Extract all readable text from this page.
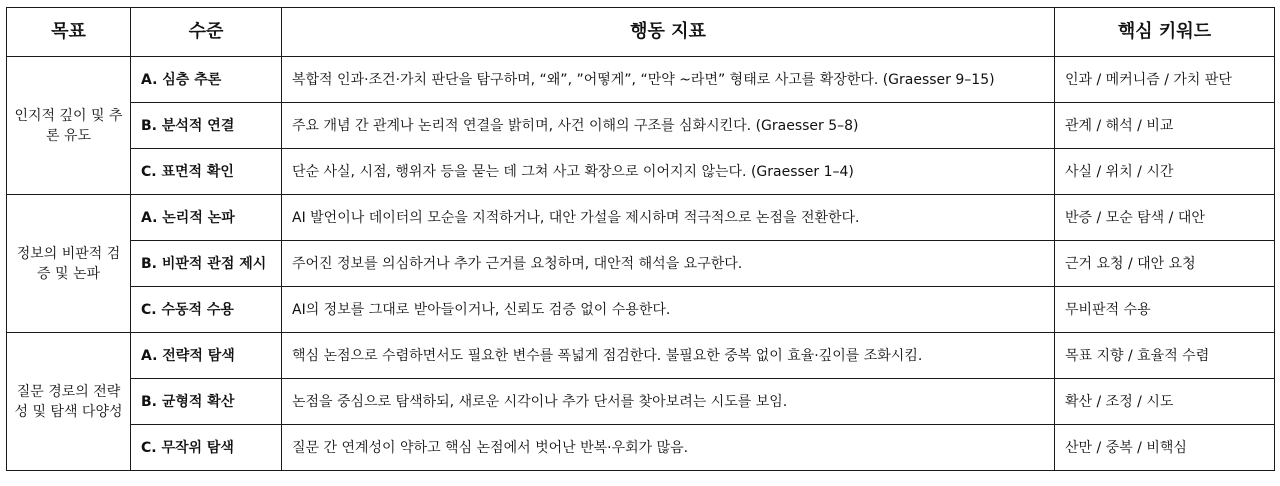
목표	수준	행동 지표	핵심 키워드
인지적 깊이 및 추론 유도	A. 심층 추론	복합적 인과·조건·가치 판단을 탐구하며, “왜”, ”어떻게”, “만약 ~라면” 형태로 사고를 확장한다. (Graesser 9–15)	인과 / 메커니즘 / 가치 판단
	B. 분석적 연결	주요 개념 간 관계나 논리적 연결을 밝히며, 사건 이해의 구조를 심화시킨다. (Graesser 5–8)	관계 / 해석 / 비교
	C. 표면적 확인	단순 사실, 시점, 행위자 등을 묻는 데 그쳐 사고 확장으로 이어지지 않는다. (Graesser 1–4)	사실 / 위치 / 시간
정보의 비판적 검증 및 논파	A. 논리적 논파	AI 발언이나 데이터의 모순을 지적하거나, 대안 가설을 제시하며 적극적으로 논점을 전환한다.	반증 / 모순 탐색 / 대안
	B. 비판적 관점 제시	주어진 정보를 의심하거나 추가 근거를 요청하며, 대안적 해석을 요구한다.	근거 요청 / 대안 요청
	C. 수동적 수용	AI의 정보를 그대로 받아들이거나, 신뢰도 검증 없이 수용한다.	무비판적 수용
질문 경로의 전략성 및 탐색 다양성	A. 전략적 탐색	핵심 논점으로 수렴하면서도 필요한 변수를 폭넓게 점검한다. 불필요한 중복 없이 효율·깊이를 조화시킴.	목표 지향 / 효율적 수렴
	B. 균형적 확산	논점을 중심으로 탐색하되, 새로운 시각이나 추가 단서를 찾아보려는 시도를 보임.	확산 / 조정 / 시도
	C. 무작위 탐색	질문 간 연계성이 약하고 핵심 논점에서 벗어난 반복·우회가 많음.	산만 / 중복 / 비핵심
